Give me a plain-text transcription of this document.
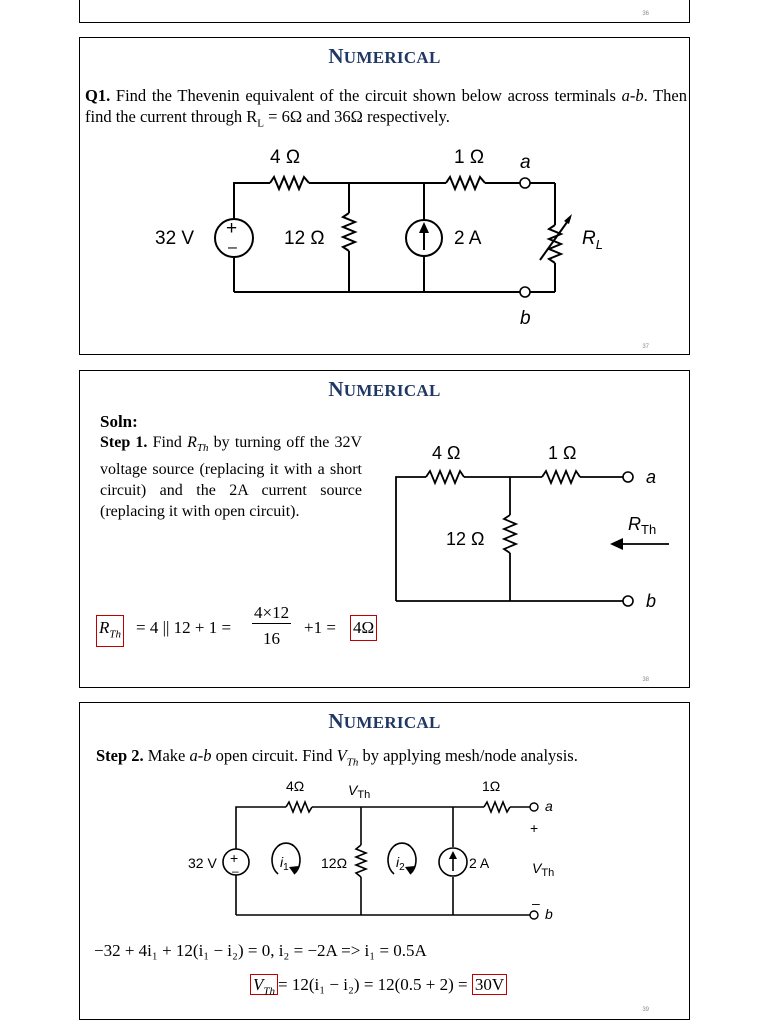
36
NUMERICAL
Q1. Find the Thevenin equivalent of the circuit shown below across terminals a-b. Then find the current through $R_L = 6\Omega$ and 36Ω respectively.
+
–
4 Ω	1 Ω
32 V	12 Ω	2 A
a
b
$R_L$
37
NUMERICAL
Soln:
Step 1. Find $R_{Th}$ by turning off the 32V voltage source (replacing it with a short circuit) and the 2A current source (replacing it with open circuit).
4 Ω	1 Ω
12 Ω
a
b
$R_{Th}$
$R_{Th} = 4$ || 12 + 1 =
4×12
16
+1 = 4Ω
38
NUMERICAL
Step 2. Make a-b open circuit. Find $V_{Th}$ by applying mesh/node analysis.
+
–
4Ω	$V_{Th}$
1Ω
32 V	12Ω	2 A
$i_1$	$i_2$
a
b
+
–
$V_{Th}$
−32 + 4i₁ + 12(i₁ − i₂) = 0, i₂ = −2A => i₁ = 0.5A
$V_{Th} = 12(i_1 - i_2) = 12(0.5 + 2) = 30V$
39
